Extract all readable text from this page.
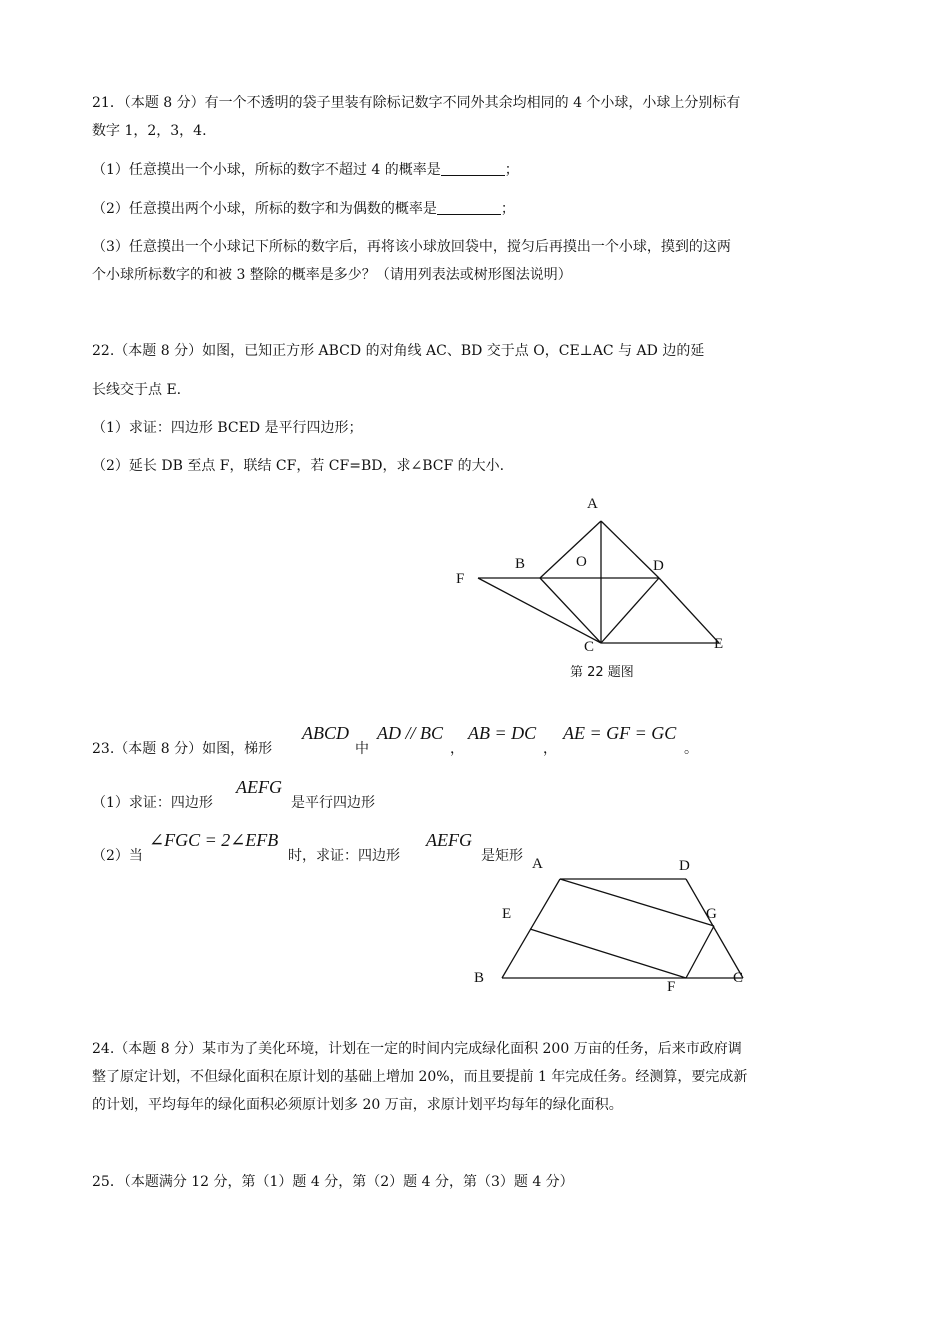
21．（本题 8 分）有一个不透明的袋子里装有除标记数字不同外其余均相同的 4 个小球，小球上分别标有
数字 1，2，3，4.
（1）任意摸出一个小球，所标的数字不超过 4 的概率是	；
（2）任意摸出两个小球，所标的数字和为偶数的概率是	；
（3）任意摸出一个小球记下所标的数字后，再将该小球放回袋中，搅匀后再摸出一个小球，摸到的这两
个小球所标数字的和被 3 整除的概率是多少？（请用列表法或树形图法说明）
22.（本题 8 分）如图，已知正方形 ABCD 的对角线 AC、BD 交于点 O，CE⊥AC 与 AD 边的延
长线交于点 E.
（1）求证：四边形 BCED 是平行四边形；
（2）延长 DB 至点 F，联结 CF，若 CF=BD，求∠BCF 的大小.
A
B	O	D
F
C	E
第 22 题图
23.（本题 8 分）如图，梯形
ABCD
中
AD // BC
，
AB = DC
，
AE = GF = GC
。
（1）求证：四边形
AEFG
是平行四边形
（2）当
∠FGC = 2∠EFB
时，求证：四边形
AEFG
是矩形 A	D
E	G
B
F
C
24.（本题 8 分）某市为了美化环境，计划在一定的时间内完成绿化面积 200 万亩的任务，后来市政府调
整了原定计划，不但绿化面积在原计划的基础上增加 20%，而且要提前 1 年完成任务。经测算，要完成新
的计划，平均每年的绿化面积必须原计划多 20 万亩，求原计划平均每年的绿化面积。
25．（本题满分 12 分，第（1）题 4 分，第（2）题 4 分，第（3）题 4 分）
